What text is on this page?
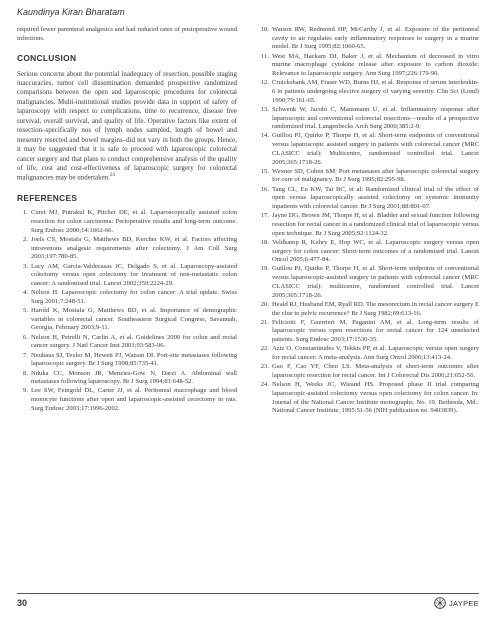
Kaundinya Kiran Bharatam

required fewer parenteral analgesics and had reduced rates of postoperative wound infections.

CONCLUSION

Serious concerns about the potential inadequacy of resection, possible staging inaccuracies, tumor cell dissemination demanded prospective randomized comparisons between the open and laparoscopic procedures for colorectal malignancies. Multi-institutional studies provide data in support of safety of laparoscopy with respect to complications, time to recurrence, disease free survival, overall survival, and quality of life. Operative factors like extent of resection–specifically nos of lymph nodes sampled, length of bowel and mesentry resected and bowel margins–did not vary in both the groups. Hence, it may be suggested that it is safe to proceed with laparoscopic colorectal cancer surgery and that plans to conduct comprehensive analysis of the quality of life, cost and cost-effectiveness of laparoscopic surgery for colorectal malignancies may be undertaken.$^{24}$

REFERENCES
1. Curet MJ, Putrakul K, Pitcher DE, et al. Laparoscopically assisted colon resection for colon carcinoma: Perioperative results and long-term outcome. Surg Endosc 2000;14:1062-66.
2. Joels CS, Mostafa G, Matthews BD, Kercher KW, et al. Factors affecting intravenous analgesic requirements after colectomy. J Am Coll Surg 2003;197:780-85.
3. Lacy AM, Garcia-Valdecasas JC, Delgado S, et al. Laparoscopy-assisted colectomy versus open colectomy for treatment of non-metastatic colon cancer: A randomised trial. Lancet 2002;359:2224-29.
4. Nelson H. Laparoscopic colectomy for colon cancer: A trial update. Swiss Surg 2001;7:248-51.
5. Harold K, Mostafa G, Matthews BD, et al. Importance of demographic variables in colorectal cancer. Southeastern Surgical Congress, Savannah, Georgia, February 2003;9-11.
6. Nelson H, Petrelli N, Carlin A, et al. Guidelines 2000 for colon and rectal cancer surgery. J Natl Cancer Inst 2001;93:583-96.
7. Neuhaus SJ, Texler M, Hewett PJ, Watson DI. Port-site metastases following laparoscopic surgery. Br J Surg 1998;85:735-41.
8. Nduka CC, Monson JR, Menzies-Gow N, Darzi A. Abdominal wall metastases following laparoscopy. Br J Surg 1994;81:648-52.
9. Lee SW, Feingold DL, Carter JJ, et al. Peritoneal macrophage and blood monocyte functions after open and laparoscopic-assisted cecectomy in rats. Surg Endosc 2003;17:1996-2002.
10. Watson RW, Redmond HP, McCarthy J, et al. Exposure of the peritoneal cavity to air regulates early inflammatory responses to surgery in a murine model. Br J Surg 1995;82:1060-65.
11. West MA, Hackam DJ, Baker J, et al. Mechanism of decreased in vitro murine macrophage cytokine release after exposure to carbon dioxide: Relevance to laparoscopic surgery. Ann Surg 1997;226:179-90.
12. Cruickshank AM, Fraser WD, Burns HJ, et al. Response of serum interleukin-6 in patients undergoing elective surgery of varying severity. Clin Sci (Lond) 1990;79:161-65.
13. Schwenk W, Jacobi C, Mansmann U, et al. Inflammatory response after laparoscopic and conventional colorectal resections—results of a prospective randomized trial. Langenbecks Arch Surg 2000;385:2-9.
14. Guillou PJ, Quirke P, Thorpe H, et al: Short-term endpoints of conventional versus laparoscopic assisted surgery in patients with colorectal cancer (MRC CLASICC trial): Multicentre, randomised controlled trial. Lancet 2005;365:1718-26.
15. Wexner SD, Cohen SM: Port metastases after laparoscopic colorectal surgery for cure of malignancy. Br J Surg 1995;82:295-98.
16. Tang CL, Eu KW, Tai BC, et al: Randomized clinical trial of the effect of open versus laparoscopically assisted colectomy on systemic immunity inpatients with colorectal cancer. Br J Surg 2001;88:801-07.
17. Jayne DG, Brown JM, Thorpe H, et al. Bladder and sexual function following resection for rectal cancer in a randomized clinical trial of laparoscopic versus open technique. Br J Surg 2005;92:1124-32.
18. Veldkamp R, Kuhry E, Hop WC, et al. Laparoscopic surgery versus open surgery for colon cancer: Short-term outcomes of a randomised trial. Lancet Oncol 2005;6:477-84.
19. Guillou PJ, Quirke P, Thorpe H, et al. Short-term endpoints of conventional versus laparoscopic-assisted surgery in patients with colorectal cancer (MRC CLASICC trial): multicentre, randomised controlled trial. Lancet 2005;365:1718-26.
20. Heald RJ, Husband EM, Ryall RD. The mesorectum in rectal cancer surgery E the clue to pelvic recurrence? Br J Surg 1982;69:613-16.
21. Feliciotti F, Guerrieri M, Paganini AM, et al. Long-term results of laparoscopic versus open resections for rectal cancer for 124 unselected patients. Surg Endosc 2003;17:1530-35.
22. Aziz O, Constantinides V, Tekkis PP, et al. Laparoscopic versus open surgery for rectal cancer: A meta-analysis. Ann Surg Oncol 2006;13:413-24.
23. Gao F, Cao YF, Chen LS. Meta-analysis of short-term outcomes after laparoscopic resection for rectal cancer. Int J Colorectal Dis 2006;21:652-56.
24. Nelson H, Weeks JC, Wieand HS. Proposed phase II trial comparing laparoscopic-assisted colectomy versus open colectomy for colon cancer. In: Journal of the National Cancer Institute monographs. No. 19. Bethesda, Md.: National Cancer Institute, 1995:51-56 (NIH publication no. 9403839).
30	JAYPEE
